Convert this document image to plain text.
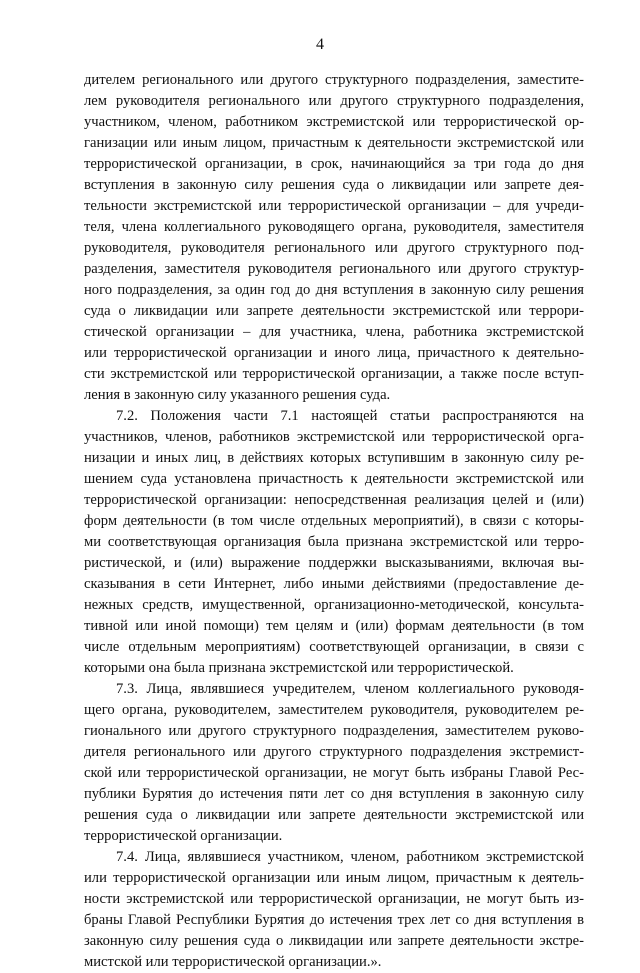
4
дителем регионального или другого структурного подразделения, заместите-
лем руководителя регионального или другого структурного подразделения,
участником, членом, работником экстремистской или террористической ор-
ганизации или иным лицом, причастным к деятельности экстремистской или
террористической организации, в срок, начинающийся за три года до дня
вступления в законную силу решения суда о ликвидации или запрете дея-
тельности экстремистской или террористической организации – для учреди-
теля, члена коллегиального руководящего органа, руководителя, заместителя
руководителя, руководителя регионального или другого структурного под-
разделения, заместителя руководителя регионального или другого структур-
ного подразделения, за один год до дня вступления в законную силу решения
суда о ликвидации или запрете деятельности экстремистской или террори-
стической организации – для участника, члена, работника экстремистской
или террористической организации и иного лица, причастного к деятельно-
сти экстремистской или террористической организации, а также после вступ-
ления в законную силу указанного решения суда.
7.2. Положения части 7.1 настоящей статьи распространяются на
участников, членов, работников экстремистской или террористической орга-
низации и иных лиц, в действиях которых вступившим в законную силу ре-
шением суда установлена причастность к деятельности экстремистской или
террористической организации: непосредственная реализация целей и (или)
форм деятельности (в том числе отдельных мероприятий), в связи с которы-
ми соответствующая организация была признана экстремистской или терро-
ристической, и (или) выражение поддержки высказываниями, включая вы-
сказывания в сети Интернет, либо иными действиями (предоставление де-
нежных средств, имущественной, организационно-методической, консульта-
тивной или иной помощи) тем целям и (или) формам деятельности (в том
числе отдельным мероприятиям) соответствующей организации, в связи с
которыми она была признана экстремистской или террористической.
7.3. Лица, являвшиеся учредителем, членом коллегиального руководя-
щего органа, руководителем, заместителем руководителя, руководителем ре-
гионального или другого структурного подразделения, заместителем руково-
дителя регионального или другого структурного подразделения экстремист-
ской или террористической организации, не могут быть избраны Главой Рес-
публики Бурятия до истечения пяти лет со дня вступления в законную силу
решения суда о ликвидации или запрете деятельности экстремистской или
террористической организации.
7.4. Лица, являвшиеся участником, членом, работником экстремистской
или террористической организации или иным лицом, причастным к деятель-
ности экстремистской или террористической организации, не могут быть из-
браны Главой Республики Бурятия до истечения трех лет со дня вступления в
законную силу решения суда о ликвидации или запрете деятельности экстре-
мистской или террористической организации.».
